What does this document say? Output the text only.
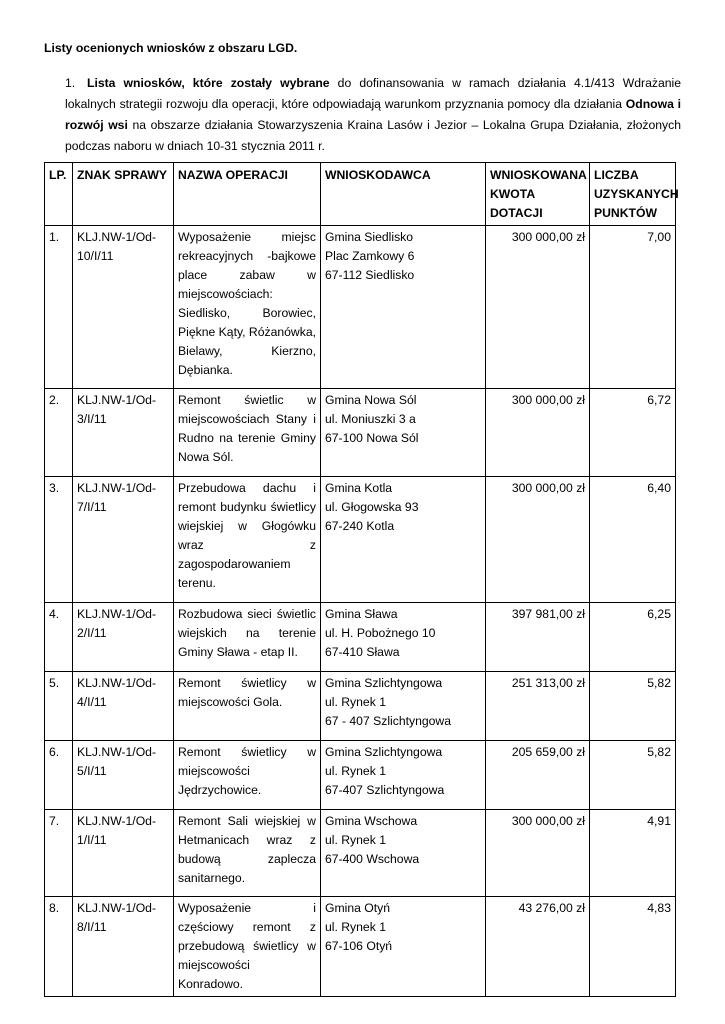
Listy ocenionych wniosków z obszaru LGD.
1. Lista wniosków, które zostały wybrane do dofinansowania w ramach działania 4.1/413 Wdrażanie lokalnych strategii rozwoju dla operacji, które odpowiadają warunkom przyznania pomocy dla działania Odnowa i rozwój wsi na obszarze działania Stowarzyszenia Kraina Lasów i Jezior – Lokalna Grupa Działania, złożonych podczas naboru w dniach 10-31 stycznia 2011 r.
LP.	ZNAK SPRAWY	NAZWA OPERACJI	WNIOSKODAWCA	WNIOSKOWANA KWOTA DOTACJI	LICZBA UZYSKANYCH PUNKTÓW
1.	KLJ.NW-1/Od-10/I/11	Wyposażenie miejsc rekreacyjnych -bajkowe place zabaw w miejscowościach: Siedlisko, Borowiec, Piękne Kąty, Różanówka, Bielawy, Kierzno, Dębianka.	Gmina Siedlisko
Plac Zamkowy 6
67-112 Siedlisko	300 000,00 zł	7,00
2.	KLJ.NW-1/Od-3/I/11	Remont świetlic w miejscowościach Stany i Rudno na terenie Gminy Nowa Sól.	Gmina Nowa Sól
ul. Moniuszki 3 a
67-100 Nowa Sól	300 000,00 zł	6,72
3.	KLJ.NW-1/Od-7/I/11	Przebudowa dachu i remont budynku świetlicy wiejskiej w Głogówku wraz z zagospodarowaniem terenu.	Gmina Kotla
ul. Głogowska 93
67-240 Kotla	300 000,00 zł	6,40
4.	KLJ.NW-1/Od-2/I/11	Rozbudowa sieci świetlic wiejskich na terenie Gminy Sława - etap II.	Gmina Sława
ul. H. Pobożnego 10
67-410 Sława	397 981,00 zł	6,25
5.	KLJ.NW-1/Od-4/I/11	Remont świetlicy w miejscowości Gola.	Gmina Szlichtyngowa
ul. Rynek 1
67 - 407 Szlichtyngowa	251 313,00 zł	5,82
6.	KLJ.NW-1/Od-5/I/11	Remont świetlicy w miejscowości Jędrzychowice.	Gmina Szlichtyngowa
ul. Rynek 1
67-407 Szlichtyngowa	205 659,00 zł	5,82
7.	KLJ.NW-1/Od-1/I/11	Remont Sali wiejskiej w Hetmanicach wraz z budową zaplecza sanitarnego.	Gmina Wschowa
ul. Rynek 1
67-400 Wschowa	300 000,00 zł	4,91
8.	KLJ.NW-1/Od-8/I/11	Wyposażenie i częściowy remont z przebudową świetlicy w miejscowości Konradowo.	Gmina Otyń
ul. Rynek 1
67-106 Otyń	43 276,00 zł	4,83
